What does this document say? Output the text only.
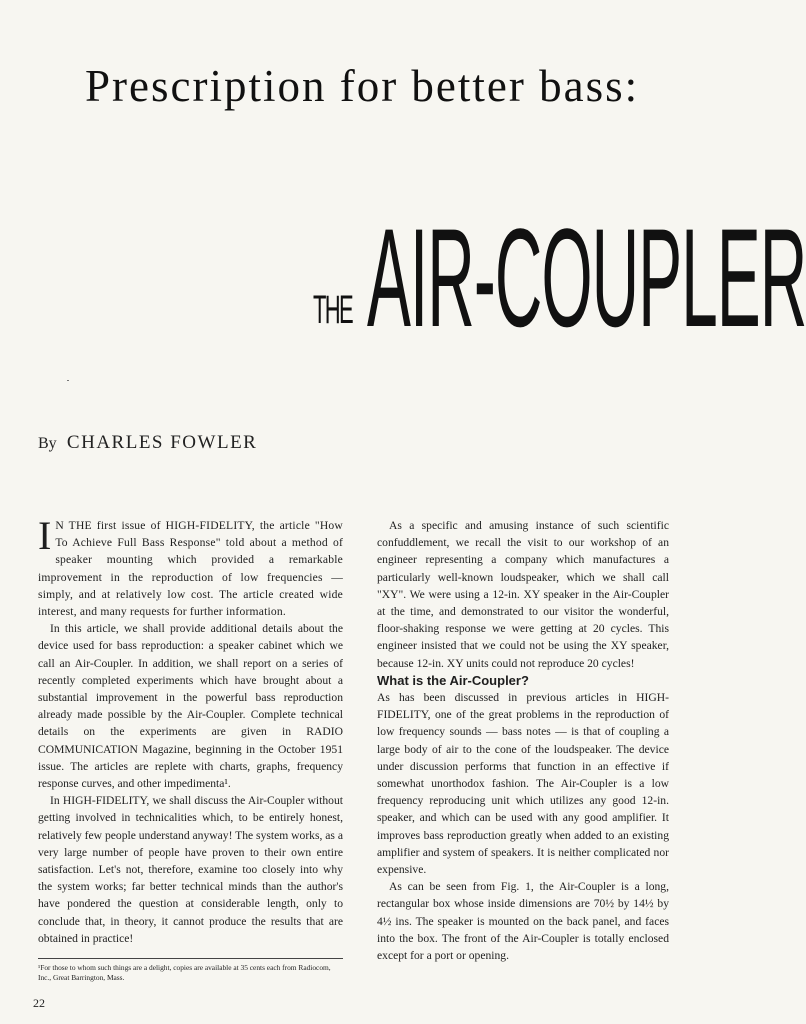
Prescription for better bass:
THE AIR-COUPLER
By CHARLES FOWLER

I N THE first issue of HIGH-FIDELITY, the article "How To Achieve Full Bass Response" told about a method of speaker mounting which provided a remarkable improvement in the reproduction of low frequencies — simply, and at relatively low cost. The article created wide interest, and many requests for further information.

In this article, we shall provide additional details about the device used for bass reproduction: a speaker cabinet which we call an Air-Coupler. In addition, we shall report on a series of recently completed experiments which have brought about a substantial improvement in the powerful bass reproduction already made possible by the Air-Coupler. Complete technical details on the experiments are given in RADIO COMMUNICATION Magazine, beginning in the October 1951 issue. The articles are replete with charts, graphs, frequency response curves, and other impedimenta¹.

In HIGH-FIDELITY, we shall discuss the Air-Coupler without getting involved in technicalities which, to be entirely honest, relatively few people understand anyway! The system works, as a very large number of people have proven to their own entire satisfaction. Let's not, therefore, examine too closely into why the system works; far better technical minds than the author's have pondered the question at considerable length, only to conclude that, in theory, it cannot produce the results that are obtained in practice!

¹For those to whom such things are a delight, copies are available at 35 cents each from Radiocom, Inc., Great Barrington, Mass.

As a specific and amusing instance of such scientific confuddlement, we recall the visit to our workshop of an engineer representing a company which manufactures a particularly well-known loudspeaker, which we shall call "XY". We were using a 12-in. XY speaker in the Air-Coupler at the time, and demonstrated to our visitor the wonderful, floor-shaking response we were getting at 20 cycles. This engineer insisted that we could not be using the XY speaker, because 12-in. XY units could not reproduce 20 cycles!

What is the Air-Coupler?

As has been discussed in previous articles in HIGH-FIDELITY, one of the great problems in the reproduction of low frequency sounds — bass notes — is that of coupling a large body of air to the cone of the loudspeaker. The device under discussion performs that function in an effective if somewhat unorthodox fashion. The Air-Coupler is a low frequency reproducing unit which utilizes any good 12-in. speaker, and which can be used with any good amplifier. It improves bass reproduction greatly when added to an existing amplifier and system of speakers. It is neither complicated nor expensive.

As can be seen from Fig. 1, the Air-Coupler is a long, rectangular box whose inside dimensions are 70½ by 14½ by 4½ ins. The speaker is mounted on the back panel, and faces into the box. The front of the Air-Coupler is totally enclosed except for a port or opening.

22
